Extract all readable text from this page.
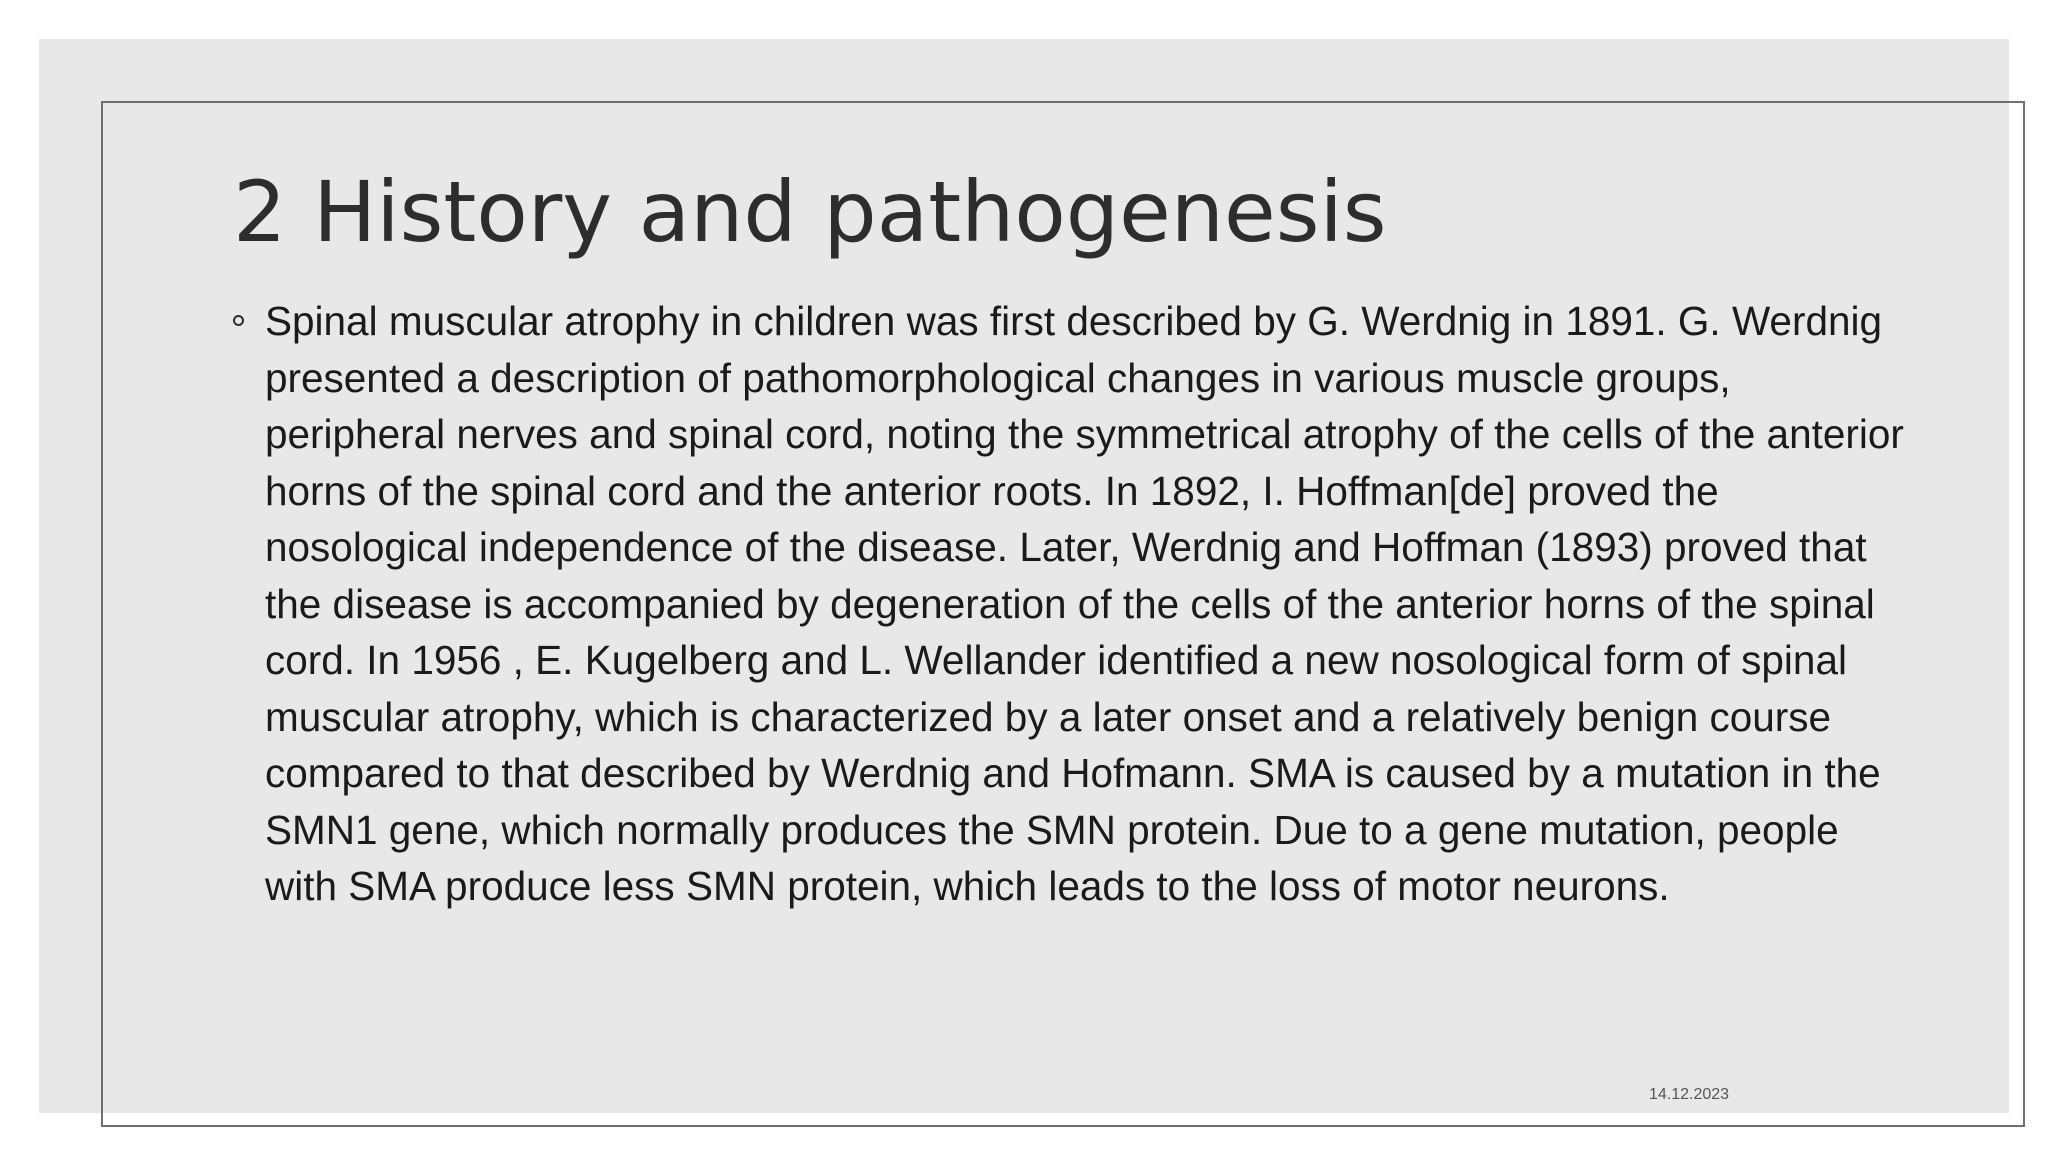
2 History and pathogenesis

Spinal muscular atrophy in children was first described by G. Werdnig in 1891. G. Werdnig presented a description of pathomorphological changes in various muscle groups, peripheral nerves and spinal cord, noting the symmetrical atrophy of the cells of the anterior horns of the spinal cord and the anterior roots. In 1892, I. Hoffman[de] proved the nosological independence of the disease. Later, Werdnig and Hoffman (1893) proved that the disease is accompanied by degeneration of the cells of the anterior horns of the spinal cord. In 1956 , E. Kugelberg and L. Wellander identified a new nosological form of spinal muscular atrophy, which is characterized by a later onset and a relatively benign course compared to that described by Werdnig and Hofmann. SMA is caused by a mutation in the SMN1 gene, which normally produces the SMN protein. Due to a gene mutation, people with SMA produce less SMN protein, which leads to the loss of motor neurons.

14.12.2023
